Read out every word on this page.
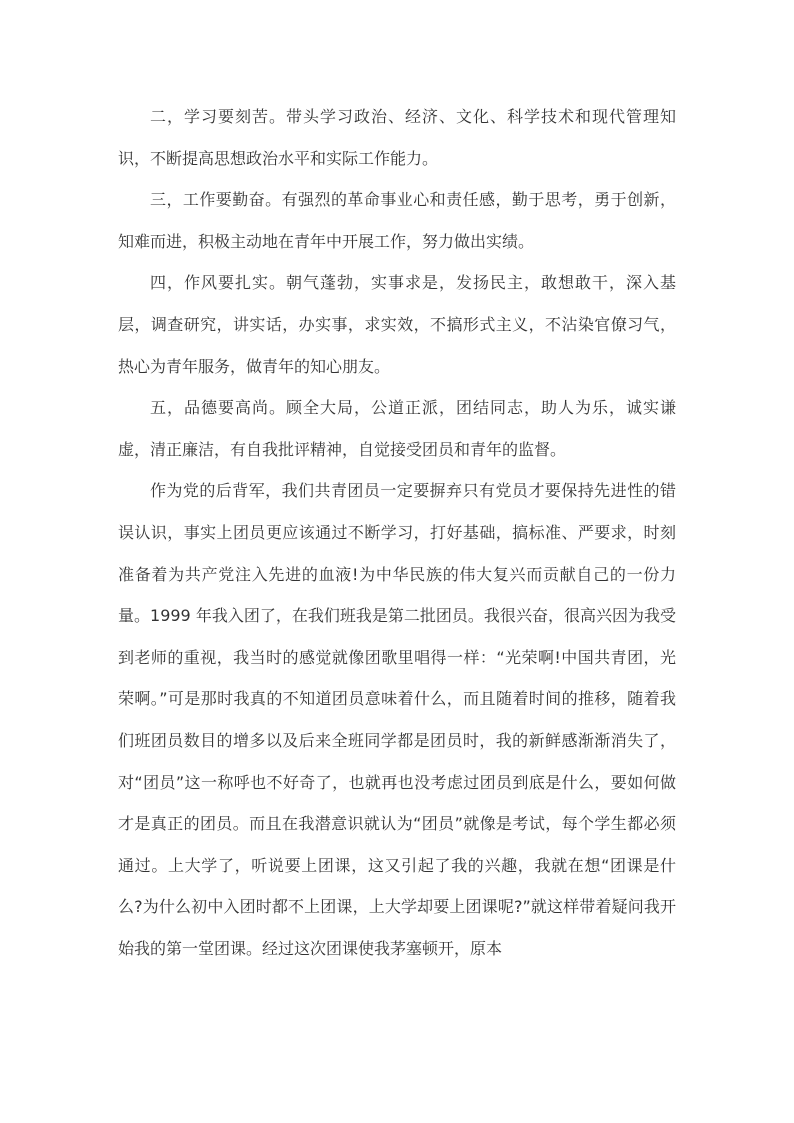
二，学习要刻苦。带头学习政治、经济、文化、科学技术和现代管理知识，不断提高思想政治水平和实际工作能力。

三，工作要勤奋。有强烈的革命事业心和责任感，勤于思考，勇于创新，知难而进，积极主动地在青年中开展工作，努力做出实绩。

四，作风要扎实。朝气蓬勃，实事求是，发扬民主，敢想敢干，深入基层，调查研究，讲实话，办实事，求实效，不搞形式主义，不沾染官僚习气，热心为青年服务，做青年的知心朋友。

五，品德要高尚。顾全大局，公道正派，团结同志，助人为乐，诚实谦虚，清正廉洁，有自我批评精神，自觉接受团员和青年的监督。

作为党的后背军，我们共青团员一定要摒弃只有党员才要保持先进性的错误认识，事实上团员更应该通过不断学习，打好基础，搞标准、严要求，时刻准备着为共产党注入先进的血液!为中华民族的伟大复兴而贡献自己的一份力量。1999 年我入团了，在我们班我是第二批团员。我很兴奋，很高兴因为我受到老师的重视，我当时的感觉就像团歌里唱得一样：“光荣啊!中国共青团，光荣啊。”可是那时我真的不知道团员意味着什么，而且随着时间的推移，随着我们班团员数目的增多以及后来全班同学都是团员时，我的新鲜感渐渐消失了，对“团员”这一称呼也不好奇了，也就再也没考虑过团员到底是什么，要如何做才是真正的团员。而且在我潜意识就认为“团员”就像是考试，每个学生都必须通过。上大学了，听说要上团课，这又引起了我的兴趣，我就在想“团课是什么?为什么初中入团时都不上团课，上大学却要上团课呢?”就这样带着疑问我开始我的第一堂团课。经过这次团课使我茅塞顿开，原本
